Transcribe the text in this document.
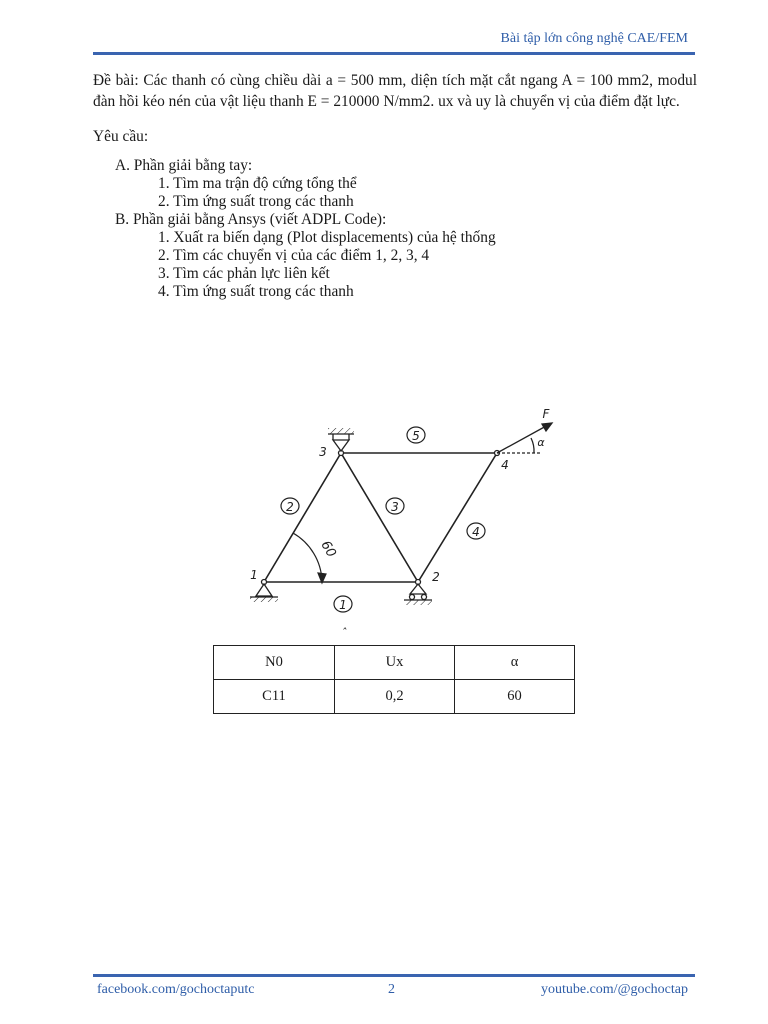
Bài tập lớn công nghệ CAE/FEM

Đề bài: Các thanh có cùng chiều dài a = 500 mm, diện tích mặt cắt ngang A = 100 mm2, modul đàn hồi kéo nén của vật liệu thanh E = 210000 N/mm2. ux và uy là chuyển vị của điểm đặt lực.

Yêu cầu:
A. Phần giải bằng tay:
1. Tìm ma trận độ cứng tổng thể
2. Tìm ứng suất trong các thanh
B. Phần giải bằng Ansys (viết ADPL Code):
1. Xuất ra biến dạng (Plot displacements) của hệ thống
2. Tìm các chuyển vị của các điểm 1, 2, 3, 4
3. Tìm các phản lực liên kết
4. Tìm ứng suất trong các thanh
1
2	3
4
5
1	2
3
4
F
α
60
ˆ
N0	Ux	α
C11	0,2	60
facebook.com/gochoctaputc	2	youtube.com/@gochoctap
